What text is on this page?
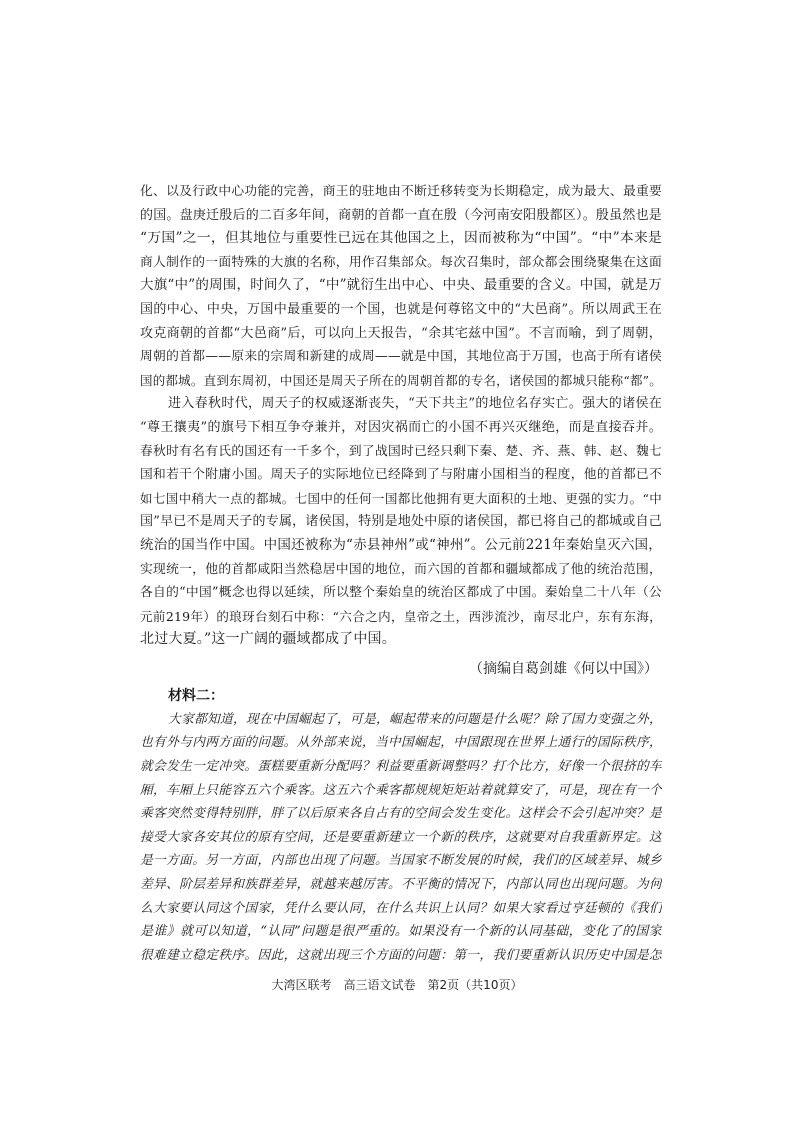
化、以及行政中心功能的完善，商王的驻地由不断迁移转变为长期稳定，成为最大、最重要
的国。盘庚迁殷后的二百多年间，商朝的首都一直在殷（今河南安阳殷都区）。殷虽然也是
“万国”之一，但其地位与重要性已远在其他国之上，因而被称为“中国”。“中”本来是
商人制作的一面特殊的大旗的名称，用作召集部众。每次召集时，部众都会围绕聚集在这面
大旗“中”的周围，时间久了，“中”就衍生出中心、中央、最重要的含义。中国，就是万
国的中心、中央，万国中最重要的一个国，也就是何尊铭文中的“大邑商”。所以周武王在
攻克商朝的首都“大邑商”后，可以向上天报告，“余其宅兹中国”。不言而喻，到了周朝，
周朝的首都——原来的宗周和新建的成周——就是中国，其地位高于万国，也高于所有诸侯
国的都城。直到东周初，中国还是周天子所在的周朝首都的专名，诸侯国的都城只能称“都”。
进入春秋时代，周天子的权威逐渐丧失，“天下共主”的地位名存实亡。强大的诸侯在
“尊王攘夷”的旗号下相互争夺兼并，对因灾祸而亡的小国不再兴灭继绝，而是直接吞并。
春秋时有名有氏的国还有一千多个，到了战国时已经只剩下秦、楚、齐、燕、韩、赵、魏七
国和若干个附庸小国。周天子的实际地位已经降到了与附庸小国相当的程度，他的首都已不
如七国中稍大一点的都城。七国中的任何一国都比他拥有更大面积的土地、更强的实力。“中
国”早已不是周天子的专属，诸侯国，特别是地处中原的诸侯国，都已将自己的都城或自己
统治的国当作中国。中国还被称为“赤县神州”或“神州”。公元前221年秦始皇灭六国，
实现统一，他的首都咸阳当然稳居中国的地位，而六国的首都和疆域都成了他的统治范围，
各自的“中国”概念也得以延续，所以整个秦始皇的统治区都成了中国。秦始皇二十八年（公
元前219年）的琅玡台刻石中称：“六合之内，皇帝之土，西涉流沙，南尽北户，东有东海，
北过大夏。”这一广阔的疆域都成了中国。
（摘编自葛剑雄《何以中国》）
材料二：
大家都知道，现在中国崛起了，可是，崛起带来的问题是什么呢？除了国力变强之外，
也有外与内两方面的问题。从外部来说，当中国崛起，中国跟现在世界上通行的国际秩序，
就会发生一定冲突。蛋糕要重新分配吗？利益要重新调整吗？打个比方，好像一个很挤的车
厢，车厢上只能容五六个乘客。这五六个乘客都规规矩矩站着就算安了，可是，现在有一个
乘客突然变得特别胖，胖了以后原来各自占有的空间会发生变化。这样会不会引起冲突？是
接受大家各安其位的原有空间，还是要重新建立一个新的秩序，这就要对自我重新界定。这
是一方面。另一方面，内部也出现了问题。当国家不断发展的时候，我们的区域差异、城乡
差异、阶层差异和族群差异，就越来越厉害。不平衡的情况下，内部认同也出现问题。为何
么大家要认同这个国家，凭什么要认同，在什么共识上认同？如果大家看过亨廷顿的《我们
是谁》就可以知道，“认同”问题是很严重的。如果没有一个新的认同基础，变化了的国家
很难建立稳定秩序。因此，这就出现三个方面的问题：第一，我们要重新认识历史中国是怎
大湾区联考　高三语文试卷　第2页（共10页）
